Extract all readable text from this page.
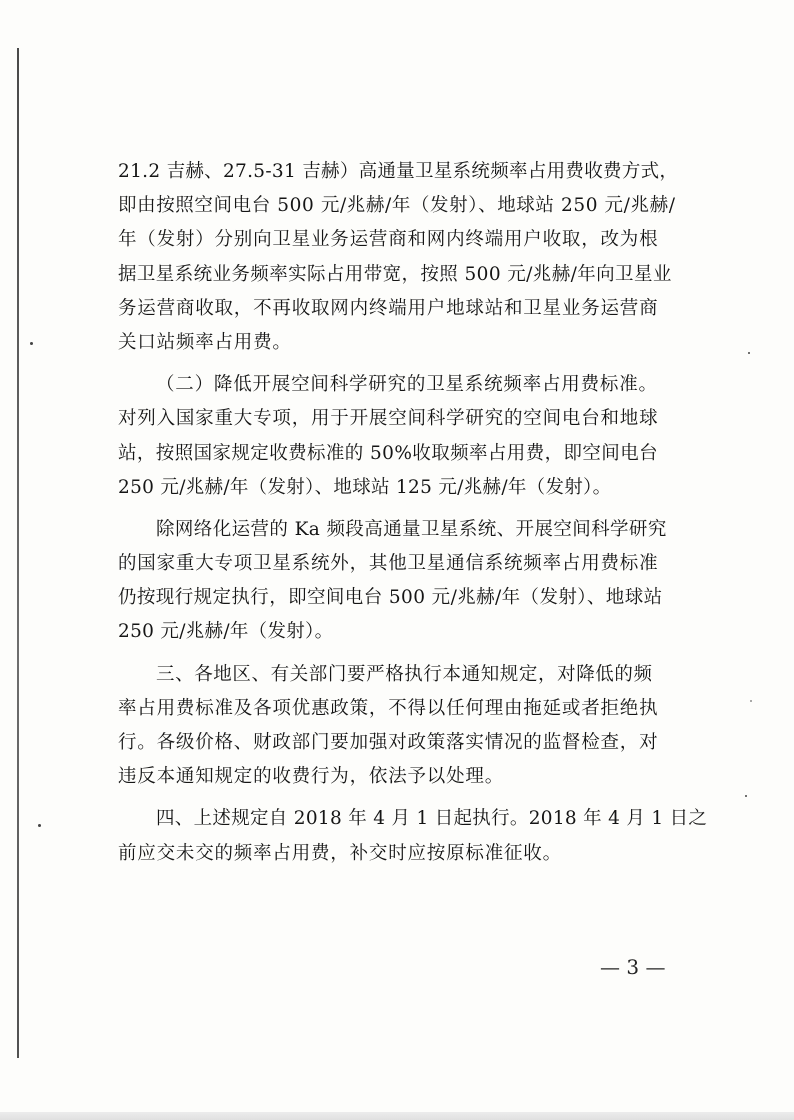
21.2 吉赫、27.5-31 吉赫）高通量卫星系统频率占用费收费方式，
即由按照空间电台 500 元/兆赫/年（发射）、地球站 250 元/兆赫/
年（发射）分别向卫星业务运营商和网内终端用户收取，改为根
据卫星系统业务频率实际占用带宽，按照 500 元/兆赫/年向卫星业
务运营商收取，不再收取网内终端用户地球站和卫星业务运营商
关口站频率占用费。
（二）降低开展空间科学研究的卫星系统频率占用费标准。
对列入国家重大专项，用于开展空间科学研究的空间电台和地球
站，按照国家规定收费标准的 50%收取频率占用费，即空间电台
250 元/兆赫/年（发射）、地球站 125 元/兆赫/年（发射）。
除网络化运营的 Ka 频段高通量卫星系统、开展空间科学研究
的国家重大专项卫星系统外，其他卫星通信系统频率占用费标准
仍按现行规定执行，即空间电台 500 元/兆赫/年（发射）、地球站
250 元/兆赫/年（发射）。
三、各地区、有关部门要严格执行本通知规定，对降低的频
率占用费标准及各项优惠政策，不得以任何理由拖延或者拒绝执
行。各级价格、财政部门要加强对政策落实情况的监督检查，对
违反本通知规定的收费行为，依法予以处理。
四、上述规定自 2018 年 4 月 1 日起执行。2018 年 4 月 1 日之
前应交未交的频率占用费，补交时应按原标准征收。
— 3 —
